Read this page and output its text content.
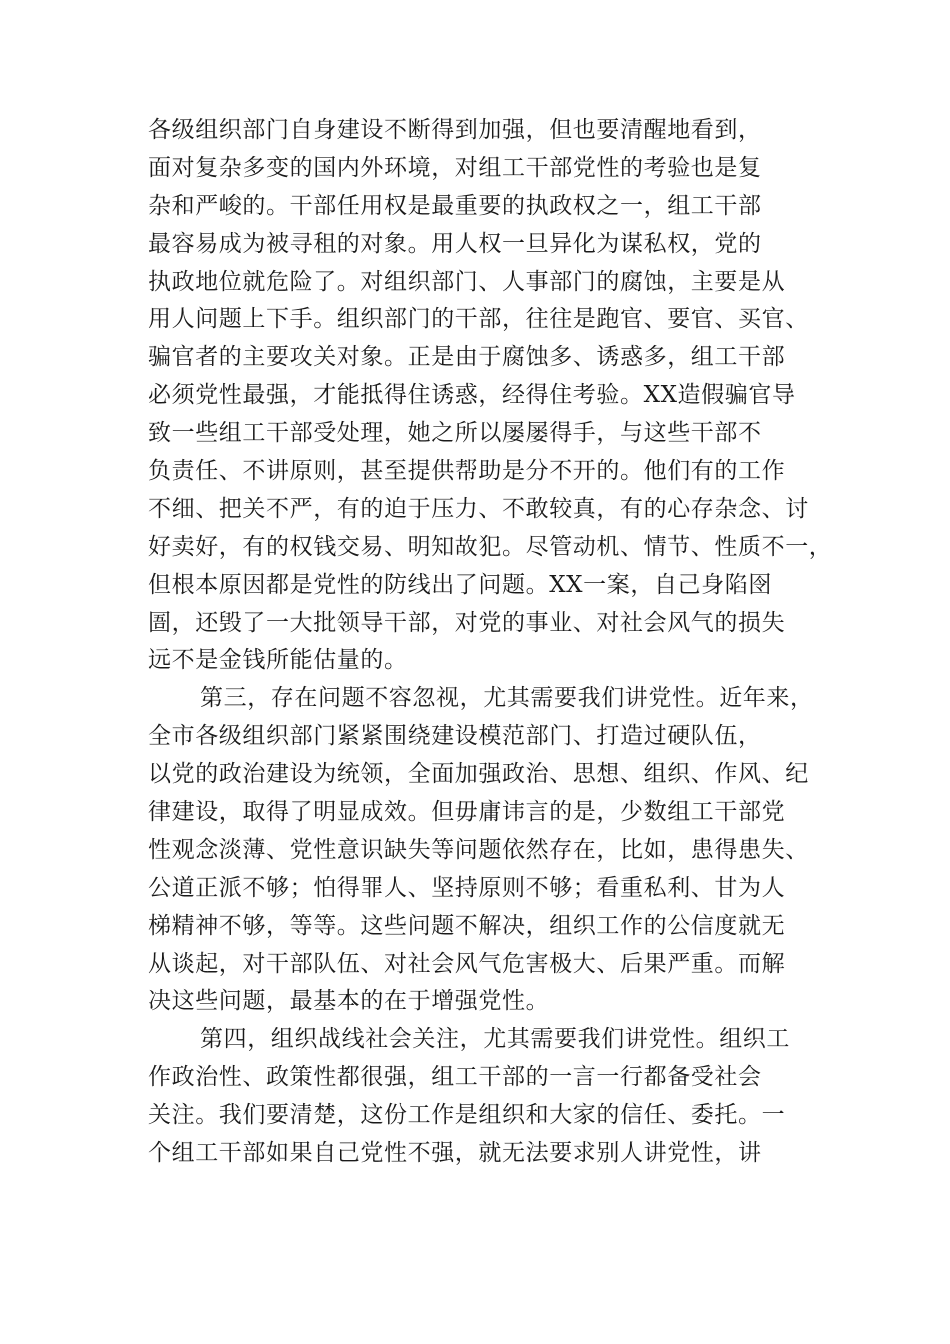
各级组织部门自身建设不断得到加强，但也要清醒地看到，
面对复杂多变的国内外环境，对组工干部党性的考验也是复
杂和严峻的。干部任用权是最重要的执政权之一，组工干部
最容易成为被寻租的对象。用人权一旦异化为谋私权，党的
执政地位就危险了。对组织部门、人事部门的腐蚀，主要是从
用人问题上下手。组织部门的干部，往往是跑官、要官、买官、
骗官者的主要攻关对象。正是由于腐蚀多、诱惑多，组工干部
必须党性最强，才能抵得住诱惑，经得住考验。XX造假骗官导
致一些组工干部受处理，她之所以屡屡得手，与这些干部不
负责任、不讲原则，甚至提供帮助是分不开的。他们有的工作
不细、把关不严，有的迫于压力、不敢较真，有的心存杂念、讨
好卖好，有的权钱交易、明知故犯。尽管动机、情节、性质不一，
但根本原因都是党性的防线出了问题。XX一案，自己身陷囹
圄，还毁了一大批领导干部，对党的事业、对社会风气的损失
远不是金钱所能估量的。
第三，存在问题不容忽视，尤其需要我们讲党性。近年来，
全市各级组织部门紧紧围绕建设模范部门、打造过硬队伍，
以党的政治建设为统领，全面加强政治、思想、组织、作风、纪
律建设，取得了明显成效。但毋庸讳言的是，少数组工干部党
性观念淡薄、党性意识缺失等问题依然存在，比如，患得患失、
公道正派不够；怕得罪人、坚持原则不够；看重私利、甘为人
梯精神不够，等等。这些问题不解决，组织工作的公信度就无
从谈起，对干部队伍、对社会风气危害极大、后果严重。而解
决这些问题，最基本的在于增强党性。
第四，组织战线社会关注，尤其需要我们讲党性。组织工
作政治性、政策性都很强，组工干部的一言一行都备受社会
关注。我们要清楚，这份工作是组织和大家的信任、委托。一
个组工干部如果自己党性不强，就无法要求别人讲党性，讲
